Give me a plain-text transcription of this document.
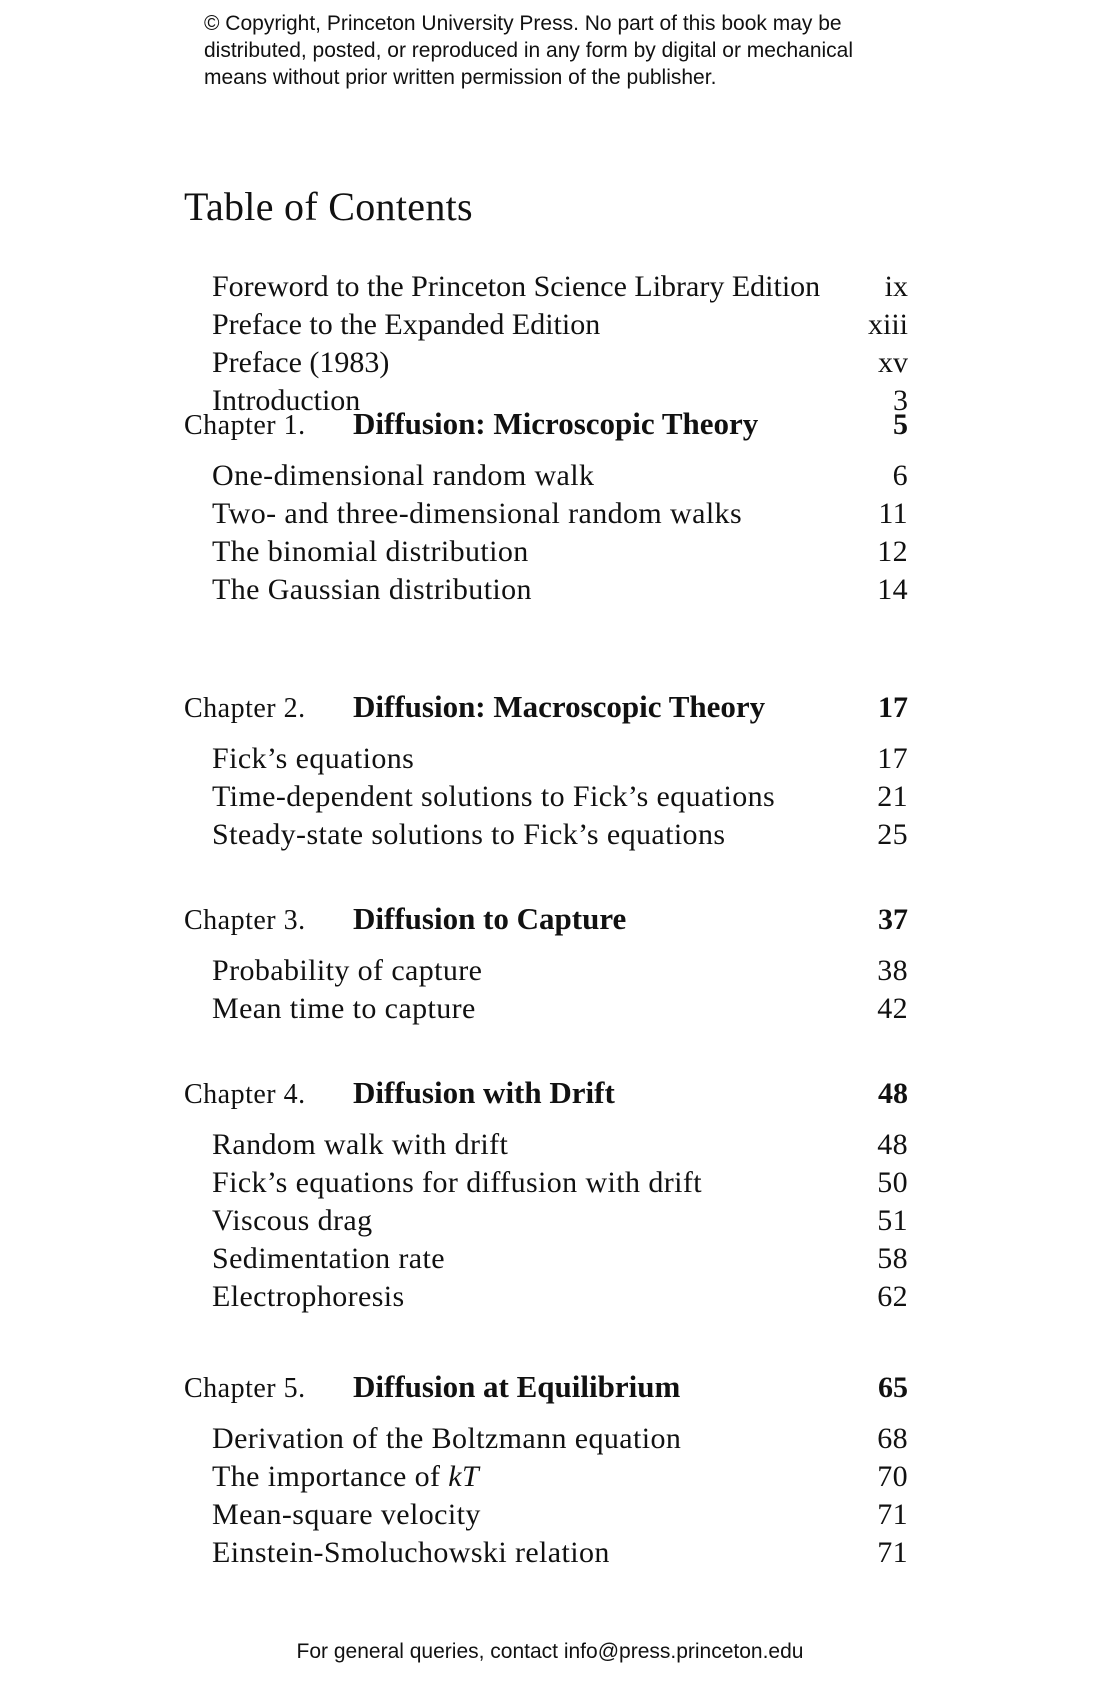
© Copyright, Princeton University Press. No part of this book may be
distributed, posted, or reproduced in any form by digital or mechanical
means without prior written permission of the publisher.
Table of Contents
Foreword to the Princeton Science Library Edition ix
Preface to the Expanded Edition	xiii
Preface (1983)	xv
Introduction	3
Chapter 1.	Diffusion: Microscopic Theory	5
One-dimensional random walk	6
Two- and three-dimensional random walks	11
The binomial distribution	12
The Gaussian distribution	14
Chapter 2.	Diffusion: Macroscopic Theory	17
Fick’s equations	17
Time-dependent solutions to Fick’s equations	21
Steady-state solutions to Fick’s equations	25
Chapter 3.	Diffusion to Capture	37
Probability of capture	38
Mean time to capture	42
Chapter 4.	Diffusion with Drift	48
Random walk with drift	48
Fick’s equations for diffusion with drift	50
Viscous drag	51
Sedimentation rate	58
Electrophoresis	62
Chapter 5.	Diffusion at Equilibrium	65
Derivation of the Boltzmann equation	68
The importance of kT	70
Mean-square velocity	71
Einstein-Smoluchowski relation	71
For general queries, contact info@press.princeton.edu
